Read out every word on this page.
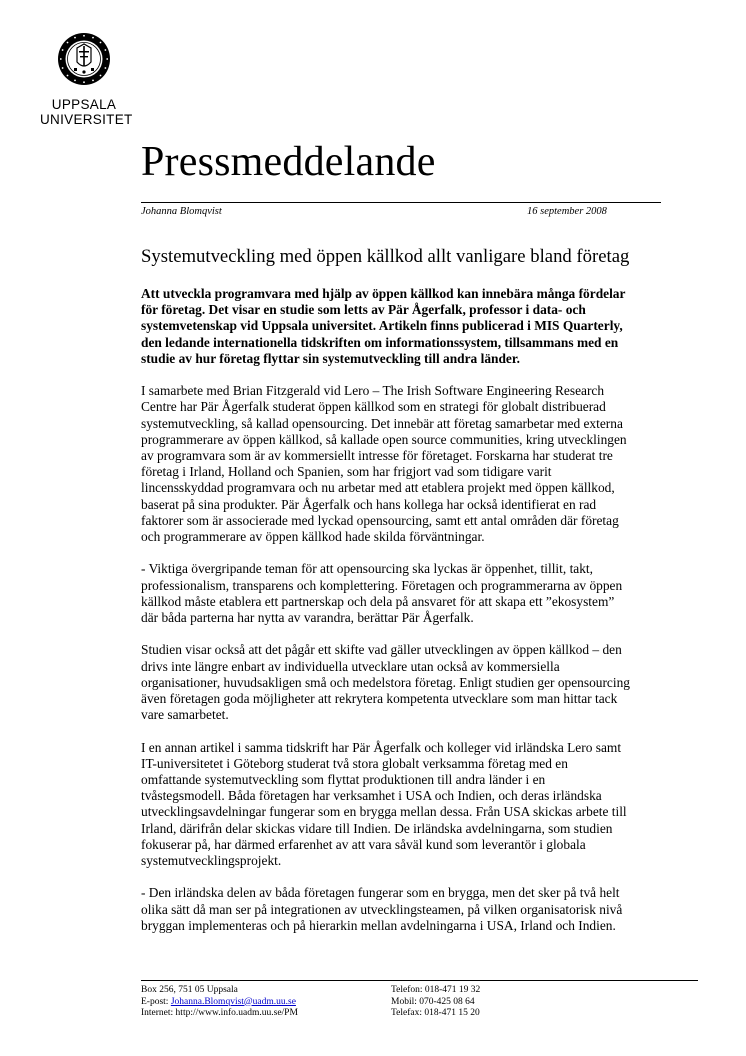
UPPSALA
UNIVERSITET
Pressmeddelande
Johanna Blomqvist	16 september 2008
Systemutveckling med öppen källkod allt vanligare bland företag

Att utveckla programvara med hjälp av öppen källkod kan innebära många fördelar
för företag. Det visar en studie som letts av Pär Ågerfalk, professor i data- och
systemvetenskap vid Uppsala universitet. Artikeln finns publicerad i MIS Quarterly,
den ledande internationella tidskriften om informationssystem, tillsammans med en
studie av hur företag flyttar sin systemutveckling till andra länder.

I samarbete med Brian Fitzgerald vid Lero – The Irish Software Engineering Research
Centre har Pär Ågerfalk studerat öppen källkod som en strategi för globalt distribuerad
systemutveckling, så kallad opensourcing. Det innebär att företag samarbetar med externa
programmerare av öppen källkod, så kallade open source communities, kring utvecklingen
av programvara som är av kommersiellt intresse för företaget. Forskarna har studerat tre
företag i Irland, Holland och Spanien, som har frigjort vad som tidigare varit
lincensskyddad programvara och nu arbetar med att etablera projekt med öppen källkod,
baserat på sina produkter. Pär Ågerfalk och hans kollega har också identifierat en rad
faktorer som är associerade med lyckad opensourcing, samt ett antal områden där företag
och programmerare av öppen källkod hade skilda förväntningar.

- Viktiga övergripande teman för att opensourcing ska lyckas är öppenhet, tillit, takt,
professionalism, transparens och komplettering. Företagen och programmerarna av öppen
källkod måste etablera ett partnerskap och dela på ansvaret för att skapa ett ”ekosystem”
där båda parterna har nytta av varandra, berättar Pär Ågerfalk.

Studien visar också att det pågår ett skifte vad gäller utvecklingen av öppen källkod – den
drivs inte längre enbart av individuella utvecklare utan också av kommersiella
organisationer, huvudsakligen små och medelstora företag. Enligt studien ger opensourcing
även företagen goda möjligheter att rekrytera kompetenta utvecklare som man hittar tack
vare samarbetet.

I en annan artikel i samma tidskrift har Pär Ågerfalk och kolleger vid irländska Lero samt
IT-universitetet i Göteborg studerat två stora globalt verksamma företag med en
omfattande systemutveckling som flyttat produktionen till andra länder i en
tvåstegsmodell. Båda företagen har verksamhet i USA och Indien, och deras irländska
utvecklingsavdelningar fungerar som en brygga mellan dessa. Från USA skickas arbete till
Irland, därifrån delar skickas vidare till Indien. De irländska avdelningarna, som studien
fokuserar på, har därmed erfarenhet av att vara såväl kund som leverantör i globala
systemutvecklingsprojekt.

- Den irländska delen av båda företagen fungerar som en brygga, men det sker på två helt
olika sätt då man ser på integrationen av utvecklingsteamen, på vilken organisatorisk nivå
bryggan implementeras och på hierarkin mellan avdelningarna i USA, Irland och Indien.

Box 256, 751 05 Uppsala
E-post: Johanna.Blomqvist@uadm.uu.se
Internet: http://www.info.uadm.uu.se/PM
Telefon: 018-471 19 32
Mobil: 070-425 08 64
Telefax: 018-471 15 20
